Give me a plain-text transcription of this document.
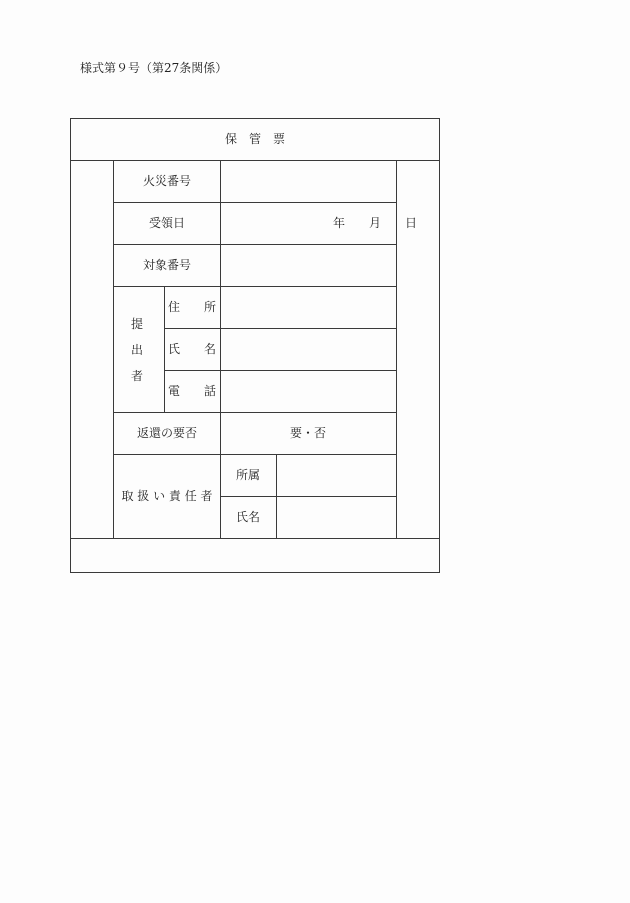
様式第９号（第27条関係）
保　管　票
火災番号
受領日	年　　月　　日
対象番号
提出者
住　　所
氏　　名
電　　話
返還の要否	要・否
取 扱 い 責 任 者
所属
氏名
